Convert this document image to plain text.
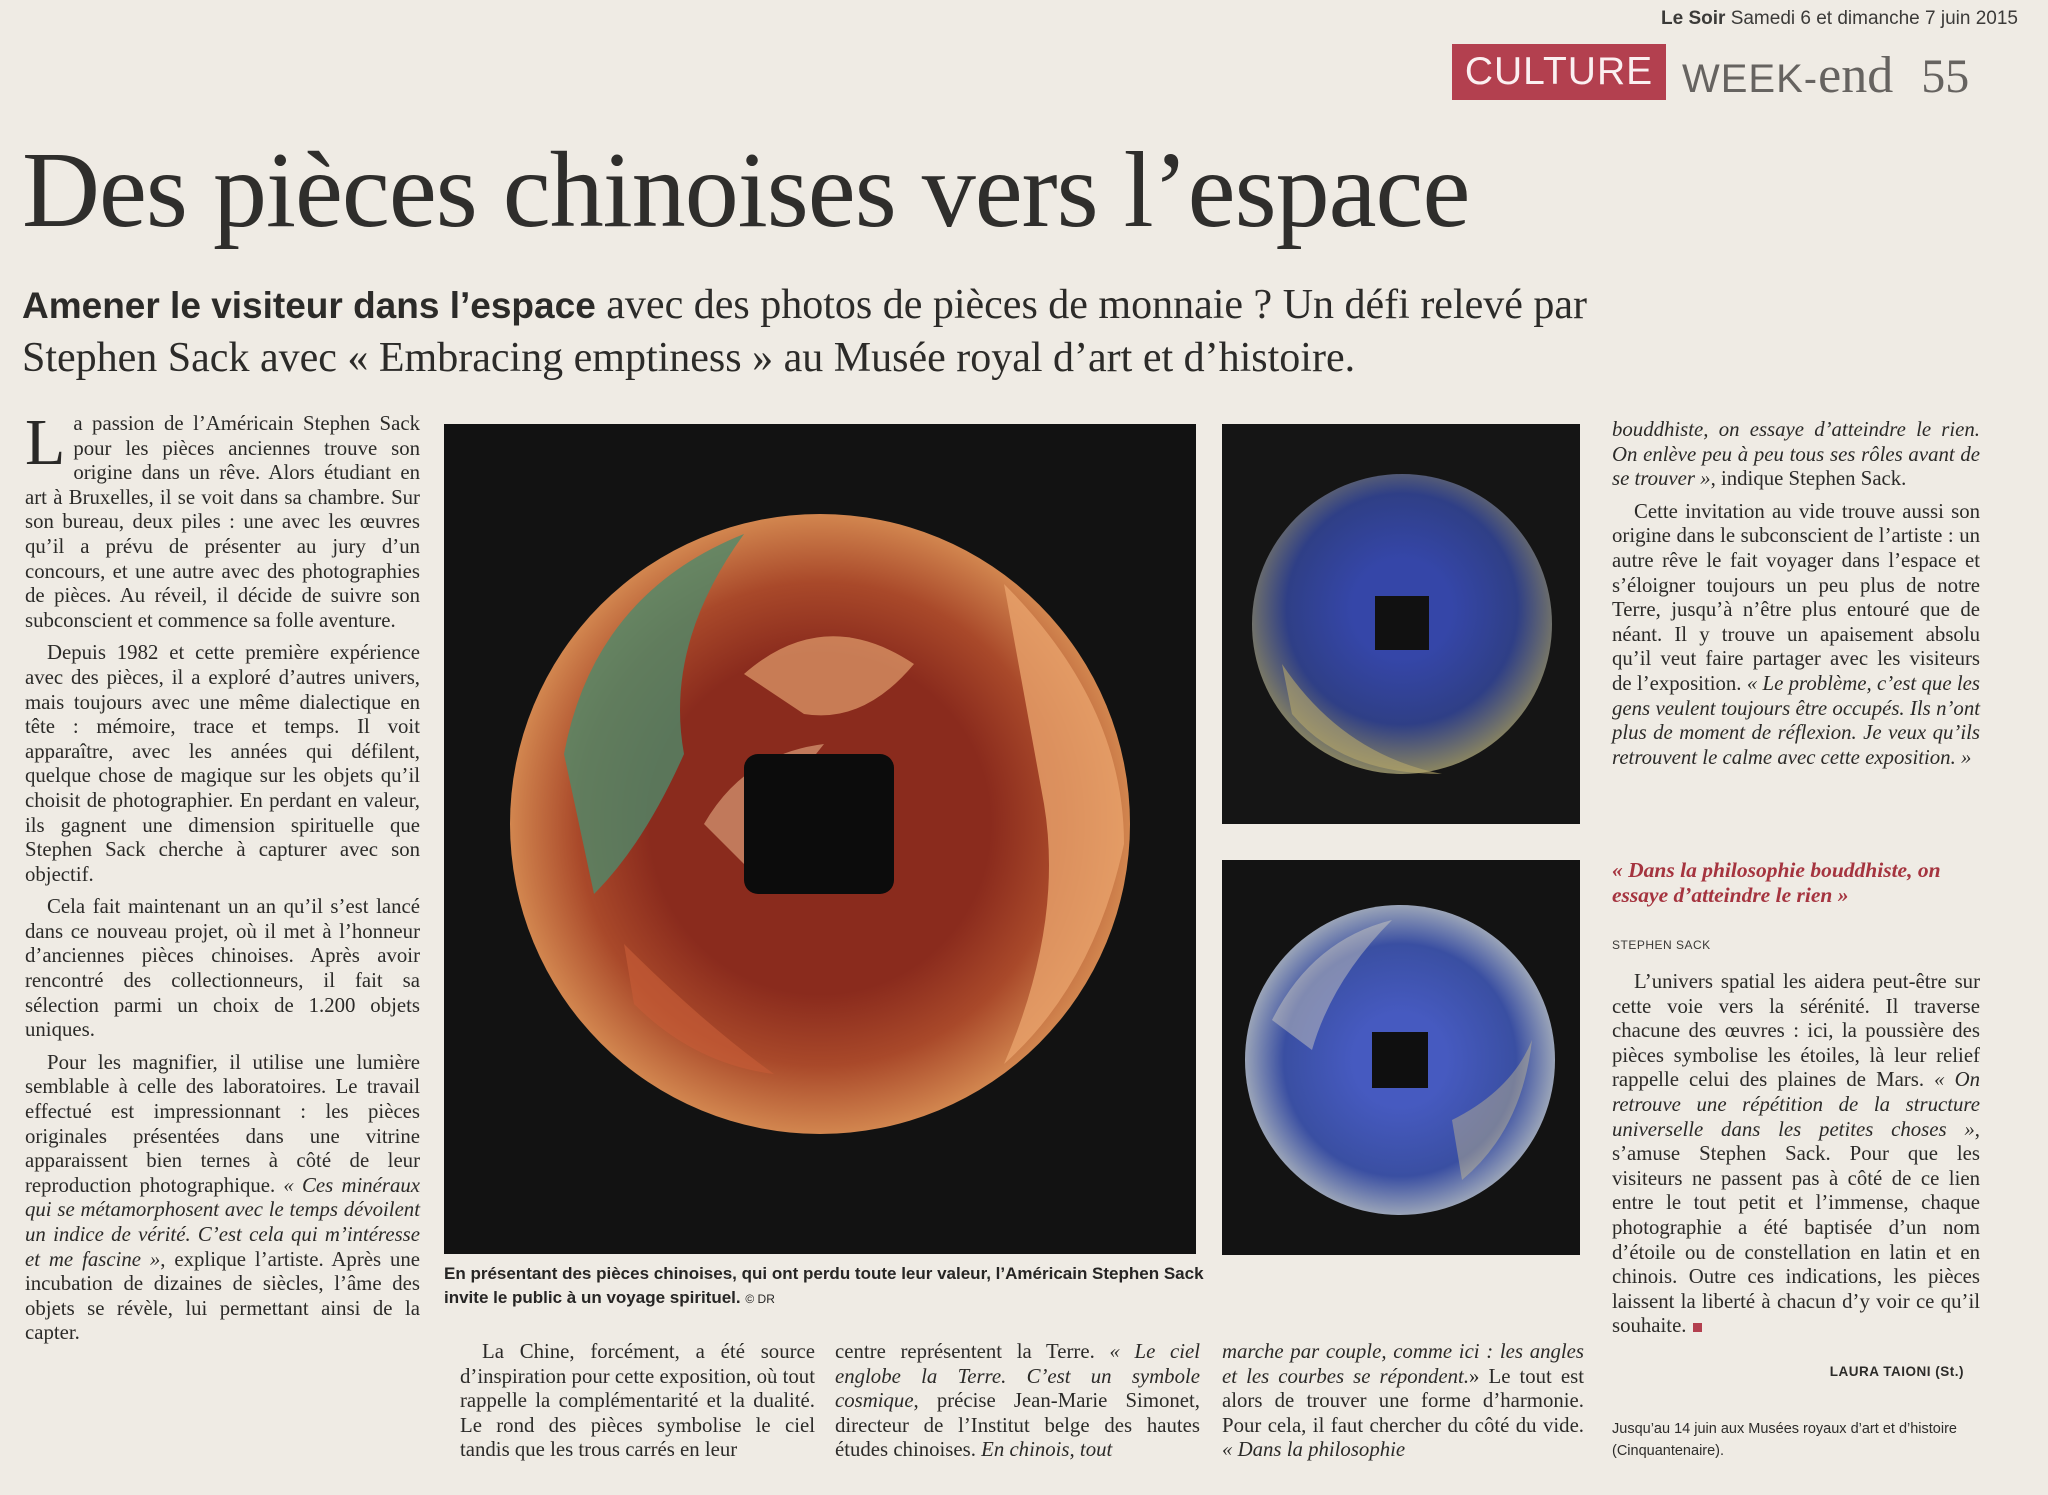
Le Soir Samedi 6 et dimanche 7 juin 2015
CULTURE WEEK-end 55
Des pièces chinoises vers l’espace
Amener le visiteur dans l’espace avec des photos de pièces de monnaie ? Un défi relevé par Stephen Sack avec « Embracing emptiness » au Musée royal d’art et d’histoire.

La passion de l’Américain Stephen Sack pour les pièces anciennes trouve son origine dans un rêve. Alors étudiant en art à Bruxelles, il se voit dans sa chambre. Sur son bureau, deux piles : une avec les œuvres qu’il a prévu de présenter au jury d’un concours, et une autre avec des photographies de pièces. Au réveil, il décide de suivre son subconscient et commence sa folle aventure.

Depuis 1982 et cette première expérience avec des pièces, il a exploré d’autres univers, mais toujours avec une même dialectique en tête : mémoire, trace et temps. Il voit apparaître, avec les années qui défilent, quelque chose de magique sur les objets qu’il choisit de photographier. En perdant en valeur, ils gagnent une dimension spirituelle que Stephen Sack cherche à capturer avec son objectif.

Cela fait maintenant un an qu’il s’est lancé dans ce nouveau projet, où il met à l’honneur d’anciennes pièces chinoises. Après avoir rencontré des collectionneurs, il fait sa sélection parmi un choix de 1.200 objets uniques.

Pour les magnifier, il utilise une lumière semblable à celle des laboratoires. Le travail effectué est impressionnant : les pièces originales présentées dans une vitrine apparaissent bien ternes à côté de leur reproduction photographique. « Ces minéraux qui se métamorphosent avec le temps dévoilent un indice de vérité. C’est cela qui m’intéresse et me fascine », explique l’artiste. Après une incubation de dizaines de siècles, l’âme des objets se révèle, lui permettant ainsi de la capter.

En présentant des pièces chinoises, qui ont perdu toute leur valeur, l’Américain Stephen Sack invite le public à un voyage spirituel. © DR

La Chine, forcément, a été source d’inspiration pour cette exposition, où tout rappelle la complémentarité et la dualité. Le rond des pièces symbolise le ciel tandis que les trous carrés en leur

centre représentent la Terre. « Le ciel englobe la Terre. C’est un symbole cosmique, précise Jean-Marie Simonet, directeur de l’Institut belge des hautes études chinoises. En chinois, tout

marche par couple, comme ici : les angles et les courbes se répondent.» Le tout est alors de trouver une forme d’harmonie. Pour cela, il faut chercher du côté du vide. « Dans la philosophie

bouddhiste, on essaye d’atteindre le rien. On enlève peu à peu tous ses rôles avant de se trouver », indique Stephen Sack.

Cette invitation au vide trouve aussi son origine dans le subconscient de l’artiste : un autre rêve le fait voyager dans l’espace et s’éloigner toujours un peu plus de notre Terre, jusqu’à n’être plus entouré que de néant. Il y trouve un apaisement absolu qu’il veut faire partager avec les visiteurs de l’exposition. « Le problème, c’est que les gens veulent toujours être occupés. Ils n’ont plus de moment de réflexion. Je veux qu’ils retrouvent le calme avec cette exposition. »

« Dans la philosophie bouddhiste, on essaye d’atteindre le rien »
STEPHEN SACK

L’univers spatial les aidera peut-être sur cette voie vers la sérénité. Il traverse chacune des œuvres : ici, la poussière des pièces symbolise les étoiles, là leur relief rappelle celui des plaines de Mars. « On retrouve une répétition de la structure universelle dans les petites choses », s’amuse Stephen Sack. Pour que les visiteurs ne passent pas à côté de ce lien entre le tout petit et l’immense, chaque photographie a été baptisée d’un nom d’étoile ou de constellation en latin et en chinois. Outre ces indications, les pièces laissent la liberté à chacun d’y voir ce qu’il souhaite.

LAURA TAIONI (St.)
Jusqu’au 14 juin aux Musées royaux d’art et d’histoire (Cinquantenaire).
